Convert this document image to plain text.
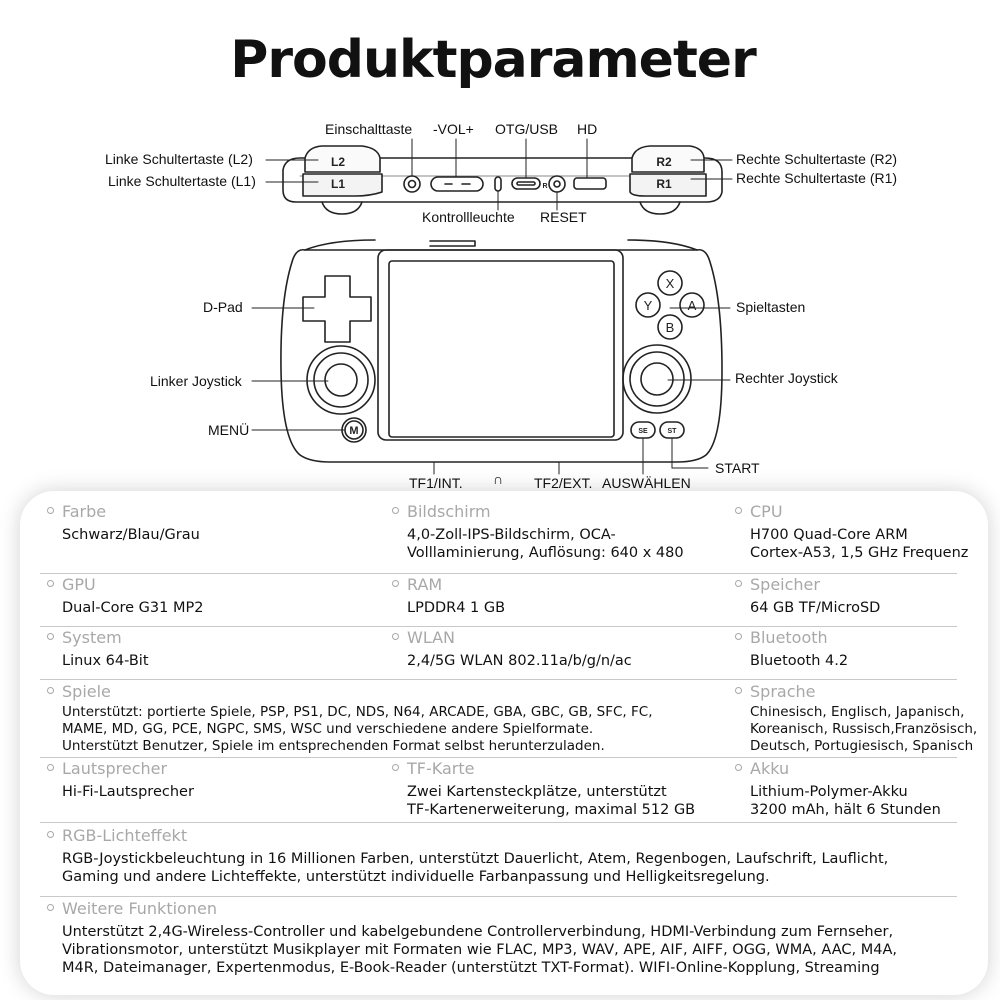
Produktparameter
L2
L1
R2
R1
R
X
Y	A
B
M	SE	ST
Einschalttaste -VOL+ OTG/USB HD
Linke Schultertaste (L2)
Linke Schultertaste (L1)
Rechte Schultertaste (R2)
Rechte Schultertaste (R1)
Kontrollleuchte RESET
D-Pad
Linker Joystick
MENÜ
Spieltasten
Rechter Joystick
START
AUSWÄHLEN
TF1/INT.	TF2/EXT.
∩
Farbe
Schwarz/Blau/Grau
Bildschirm
4,0-Zoll-IPS-Bildschirm, OCA-
Volllaminierung, Auflösung: 640 x 480
CPU
H700 Quad-Core ARM
Cortex-A53, 1,5 GHz Frequenz
GPU
Dual-Core G31 MP2
RAM
LPDDR4 1 GB
Speicher
64 GB TF/MicroSD
System
Linux 64-Bit
WLAN
2,4/5G WLAN 802.11a/b/g/n/ac
Bluetooth
Bluetooth 4.2
Spiele
Unterstützt: portierte Spiele, PSP, PS1, DC, NDS, N64, ARCADE, GBA, GBC, GB, SFC, FC,
MAME, MD, GG, PCE, NGPC, SMS, WSC und verschiedene andere Spielformate.
Unterstützt Benutzer, Spiele im entsprechenden Format selbst herunterzuladen.
Sprache
Chinesisch, Englisch, Japanisch,
Koreanisch, Russisch,Französisch,
Deutsch, Portugiesisch, Spanisch
Lautsprecher
Hi-Fi-Lautsprecher
TF-Karte
Zwei Kartensteckplätze, unterstützt
TF-Kartenerweiterung, maximal 512 GB
Akku
Lithium-Polymer-Akku
3200 mAh, hält 6 Stunden
RGB-Lichteffekt
RGB-Joystickbeleuchtung in 16 Millionen Farben, unterstützt Dauerlicht, Atem, Regenbogen, Laufschrift, Lauflicht,
Gaming und andere Lichteffekte, unterstützt individuelle Farbanpassung und Helligkeitsregelung.
Weitere Funktionen
Unterstützt 2,4G-Wireless-Controller und kabelgebundene Controllerverbindung, HDMI-Verbindung zum Fernseher,
Vibrationsmotor, unterstützt Musikplayer mit Formaten wie FLAC, MP3, WAV, APE, AIF, AIFF, OGG, WMA, AAC, M4A,
M4R, Dateimanager, Expertenmodus, E-Book-Reader (unterstützt TXT-Format). WIFI-Online-Kopplung, Streaming
